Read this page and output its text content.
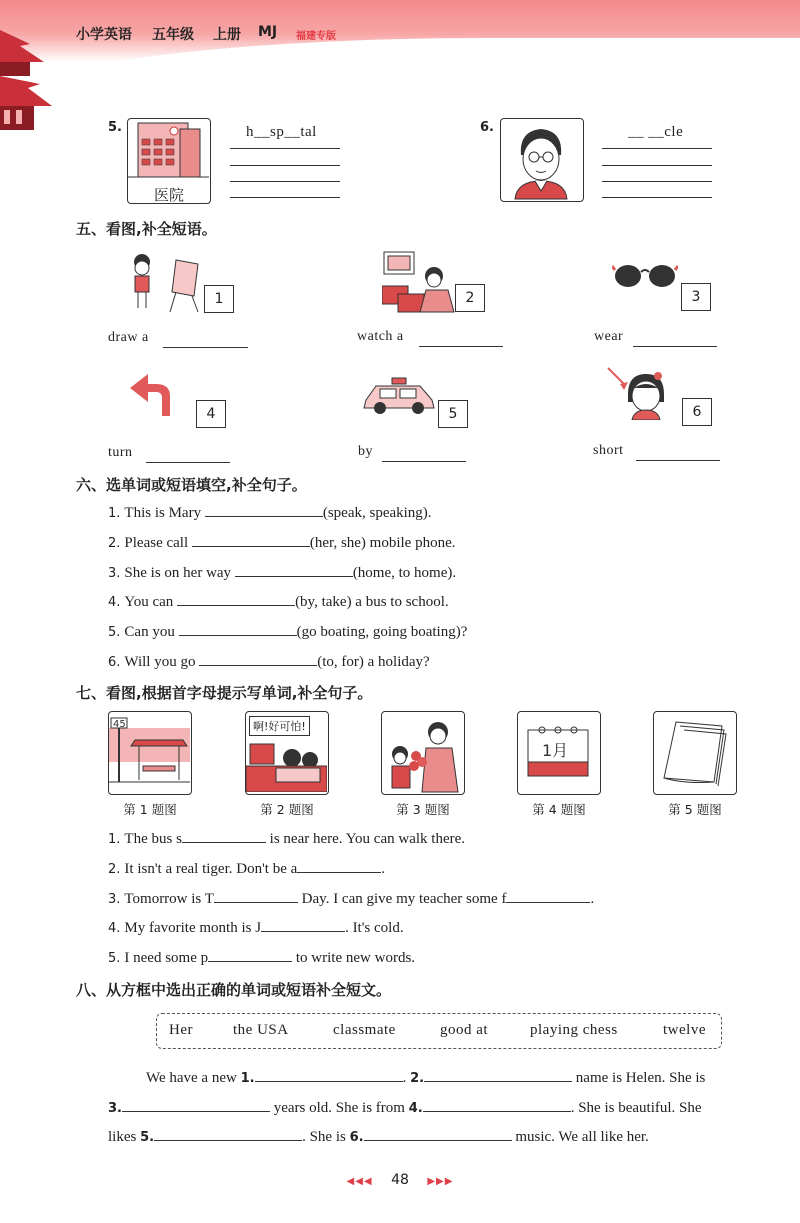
小学英语 五年级 上册 MJ 福建专版
5.
医院
h__sp__tal	6.	__ __cle
五、看图,补全短语。
1
draw a
2
watch a
3
wear
4
turn
5
by
6
short
六、选单词或短语填空,补全句子。
1. This is Mary	(speak, speaking).
2. Please call	(her, she) mobile phone.
3. She is on her way	(home, to home).
4. You can	(by, take) a bus to school.
5. Can you	(go boating, going boating)?
6. Will you go	(to, for) a holiday?
七、看图,根据首字母提示写单词,补全句子。
45	啊!好可怕!
1月
第 1 题图	第 2 题图	第 3 题图	第 4 题图	第 5 题图
1. The bus s	is near here. You can walk there.
2. It isn't a real tiger. Don't be a	.
3. Tomorrow is T	Day. I can give my teacher some f	.
4. My favorite month is J	. It's cold.
5. I need some p	to write new words.
八、从方框中选出正确的单词或短语补全短文。
Her	the USA	classmate	good at	playing chess	twelve
We have a new 1.	. 2.	name is Helen. She is
3.	years old. She is from 4.	. She is beautiful. She
likes 5.	. She is 6.	music. We all like her.
◀◀◀ 48 ▶▶▶
